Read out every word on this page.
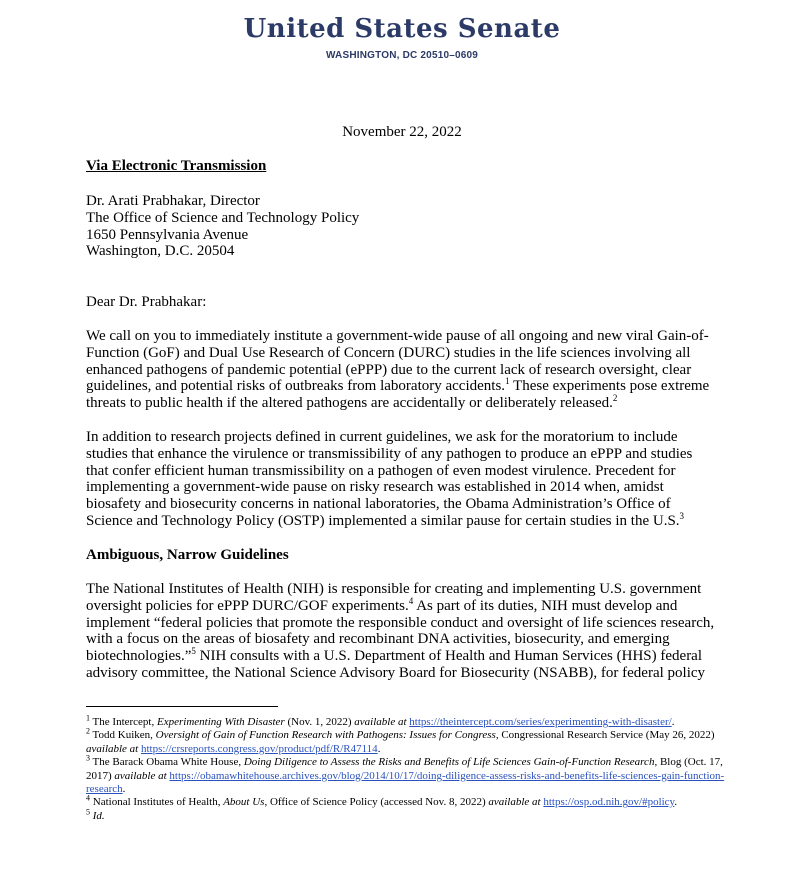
United States Senate
WASHINGTON, DC 20510–0609
November 22, 2022
Via Electronic Transmission
Dr. Arati Prabhakar, Director
The Office of Science and Technology Policy
1650 Pennsylvania Avenue
Washington, D.C. 20504
Dear Dr. Prabhakar:
We call on you to immediately institute a government-wide pause of all ongoing and new viral Gain-of-Function (GoF) and Dual Use Research of Concern (DURC) studies in the life sciences involving all enhanced pathogens of pandemic potential (ePPP) due to the current lack of research oversight, clear guidelines, and potential risks of outbreaks from laboratory accidents.$^1$ These experiments pose extreme threats to public health if the altered pathogens are accidentally or deliberately released.$^2$
In addition to research projects defined in current guidelines, we ask for the moratorium to include studies that enhance the virulence or transmissibility of any pathogen to produce an ePPP and studies that confer efficient human transmissibility on a pathogen of even modest virulence. Precedent for implementing a government-wide pause on risky research was established in 2014 when, amidst biosafety and biosecurity concerns in national laboratories, the Obama Administration’s Office of Science and Technology Policy (OSTP) implemented a similar pause for certain studies in the U.S.$^3$
Ambiguous, Narrow Guidelines
The National Institutes of Health (NIH) is responsible for creating and implementing U.S. government oversight policies for ePPP DURC/GOF experiments.$^4$ As part of its duties, NIH must develop and implement “federal policies that promote the responsible conduct and oversight of life sciences research, with a focus on the areas of biosafety and recombinant DNA activities, biosecurity, and emerging biotechnologies.”$^5$ NIH consults with a U.S. Department of Health and Human Services (HHS) federal advisory committee, the National Science Advisory Board for Biosecurity (NSABB), for federal policy
$^1$ The Intercept, Experimenting With Disaster (Nov. 1, 2022) available at https://theintercept.com/series/experimenting-with-disaster/.
$^2$ Todd Kuiken, Oversight of Gain of Function Research with Pathogens: Issues for Congress, Congressional Research Service (May 26, 2022) available at https://crsreports.congress.gov/product/pdf/R/R47114.
$^3$ The Barack Obama White House, Doing Diligence to Assess the Risks and Benefits of Life Sciences Gain-of-Function Research, Blog (Oct. 17, 2017) available at https://obamawhitehouse.archives.gov/blog/2014/10/17/doing-diligence-assess-risks-and-benefits-life-sciences-gain-function-research.
$^4$ National Institutes of Health, About Us, Office of Science Policy (accessed Nov. 8, 2022) available at https://osp.od.nih.gov/#policy.
$^5$ Id.
